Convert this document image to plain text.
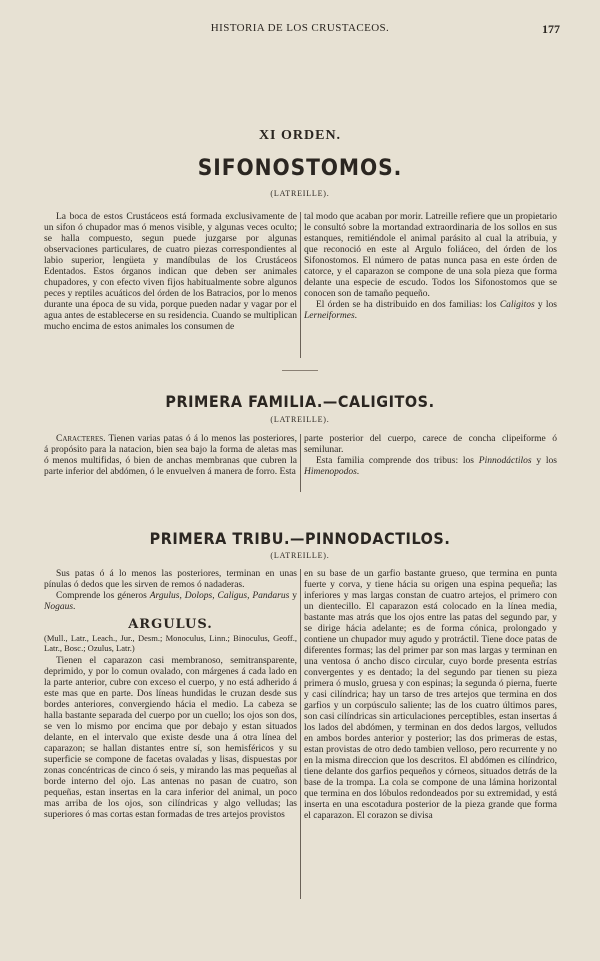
HISTORIA DE LOS CRUSTACEOS.	177
XI ORDEN.
SIFONOSTOMOS.
(LATREILLE).

La boca de estos Crustáceos está formada exclusivamente de un sifon ó chupador mas ó menos visible, y algunas veces oculto; se halla compuesto, segun puede juzgarse por algunas observaciones particulares, de cuatro piezas correspondientes al labio superior, lengüeta y mandíbulas de los Crustáceos Edentados. Estos órganos indican que deben ser animales chupadores, y con efecto viven fijos habitualmente sobre algunos peces y reptiles acuáticos del órden de los Batracios, por lo menos durante una época de su vida, porque pueden nadar y vagar por el agua antes de establecerse en su residencia. Cuando se multiplican mucho encima de estos animales los consumen de

tal modo que acaban por morir. Latreille refiere que un propietario le consultó sobre la mortandad extraordinaria de los sollos en sus estanques, remitiéndole el animal parásito al cual la atribuia, y que reconoció en este al Argulo foliáceo, del órden de los Sifonostomos. El número de patas nunca pasa en este órden de catorce, y el caparazon se compone de una sola pieza que forma delante una especie de escudo. Todos los Sifonostomos que se conocen son de tamaño pequeño.

El órden se ha distribuido en dos familias: los Caligitos y los Lerneiformes.

PRIMERA FAMILIA.—CALIGITOS.
(LATREILLE).

Caracteres. Tienen varias patas ó á lo menos las posteriores, á propósito para la natacion, bien sea bajo la forma de aletas mas ó menos multifidas, ó bien de anchas membranas que cubren la parte inferior del abdómen, ó le envuelven á manera de forro. Esta

parte posterior del cuerpo, carece de concha clipeiforme ó semilunar.

Esta familia comprende dos tribus: los Pinnodáctilos y los Himenopodos.

PRIMERA TRIBU.—PINNODACTILOS.
(LATREILLE).

Sus patas ó á lo menos las posteriores, terminan en unas pínulas ó dedos que les sirven de remos ó nadaderas.

Comprende los géneros Argulus, Dolops, Caligus, Pandarus y Nogaus.

ARGULUS.

(Mull., Latr., Leach., Jur., Desm.; Monoculus, Linn.; Binoculus, Geoff., Latr., Bosc.; Ozulus, Latr.)

Tienen el caparazon casi membranoso, semitransparente, deprimido, y por lo comun ovalado, con márgenes á cada lado en la parte anterior, cubre con exceso el cuerpo, y no está adherido á este mas que en parte. Dos líneas hundidas le cruzan desde sus bordes anteriores, convergiendo hácia el medio. La cabeza se halla bastante separada del cuerpo por un cuello; los ojos son dos, se ven lo mismo por encima que por debajo y estan situados delante, en el intervalo que existe desde una á otra línea del caparazon; se hallan distantes entre sí, son hemisféricos y su superficie se compone de facetas ovaladas y lisas, dispuestas por zonas concéntricas de cinco ó seis, y mirando las mas pequeñas al borde interno del ojo. Las antenas no pasan de cuatro, son pequeñas, estan insertas en la cara inferior del animal, un poco mas arriba de los ojos, son cilíndricas y algo velludas; las superiores ó mas cortas estan formadas de tres artejos provistos

en su base de un garfio bastante grueso, que termina en punta fuerte y corva, y tiene hácia su origen una espina pequeña; las inferiores y mas largas constan de cuatro artejos, el primero con un dientecillo. El caparazon está colocado en la línea media, bastante mas atrás que los ojos entre las patas del segundo par, y se dirige hácia adelante; es de forma cónica, prolongado y contiene un chupador muy agudo y protráctil. Tiene doce patas de diferentes formas; las del primer par son mas largas y terminan en una ventosa ó ancho disco circular, cuyo borde presenta estrías convergentes y es dentado; la del segundo par tienen su pieza primera ó muslo, gruesa y con espinas; la segunda ó pierna, fuerte y casi cilíndrica; hay un tarso de tres artejos que termina en dos garfios y un corpúsculo saliente; las de los cuatro últimos pares, son casi cilíndricas sin articulaciones perceptibles, estan insertas á los lados del abdómen, y terminan en dos dedos largos, velludos en ambos bordes anterior y posterior; las dos primeras de estas, estan provistas de otro dedo tambien velloso, pero recurrente y no en la misma direccion que los descritos. El abdómen es cilíndrico, tiene delante dos garfios pequeños y córneos, situados detrás de la base de la trompa. La cola se compone de una lámina horizontal que termina en dos lóbulos redondeados por su extremidad, y está inserta en una escotadura posterior de la pieza grande que forma el caparazon. El corazon se divisa
